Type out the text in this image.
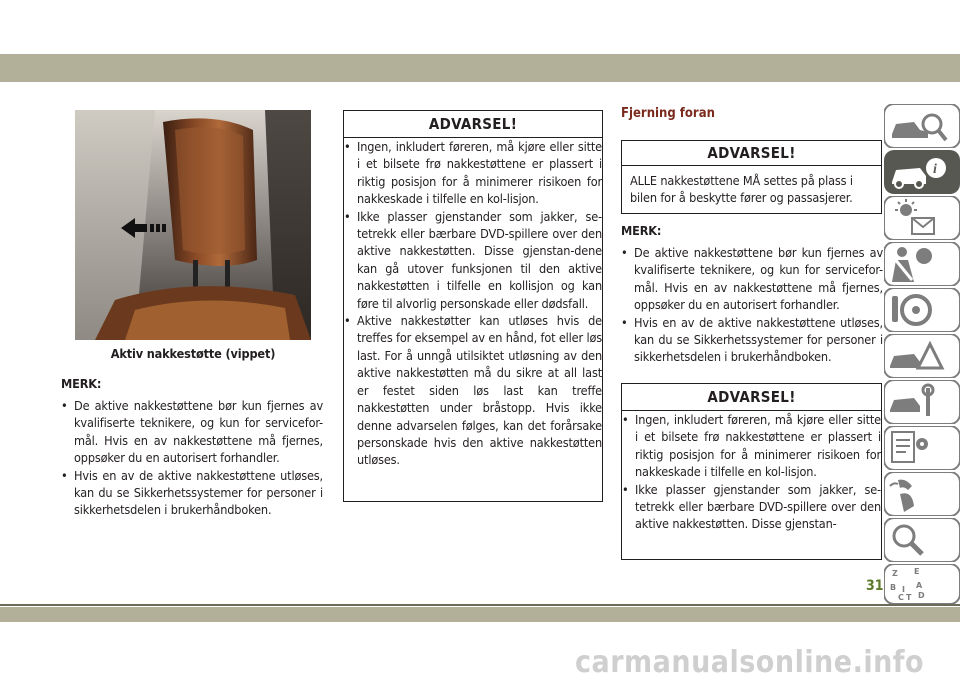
Aktiv nakkestøtte (vippet)
MERK:
• De aktive nakkestøttene bør kun fjernes av kvalifiserte teknikere, og kun for servicefor-mål. Hvis en av nakkestøttene må fjernes, oppsøker du en autorisert forhandler.
• Hvis en av de aktive nakkestøttene utløses, kan du se Sikkerhetssystemer for personer i sikkerhetsdelen i brukerhåndboken.
ADVARSEL!
• Ingen, inkludert føreren, må kjøre eller sitte i et bilsete frø nakkestøttene er plassert i riktig posisjon for å minimerer risikoen for nakkeskade i tilfelle en kol-lisjon.
• Ikke plasser gjenstander som jakker, se-tetrekk eller bærbare DVD-spillere over den aktive nakkestøtten. Disse gjenstan-dene kan gå utover funksjonen til den aktive nakkestøtten i tilfelle en kollisjon og kan føre til alvorlig personskade eller dødsfall.
• Aktive nakkestøtter kan utløses hvis de treffes for eksempel av en hånd, fot eller løs last. For å unngå utilsiktet utløsning av den aktive nakkestøtten må du sikre at all last er festet siden løs last kan treffe nakkestøtten under bråstopp. Hvis ikke denne advarselen følges, kan det forårsake personskade hvis den aktive nakkestøtten utløses.
Fjerning foran
ADVARSEL!
ALLE nakkestøttene MÅ settes på plass i bilen for å beskytte fører og passasjerer.
MERK:
• De aktive nakkestøttene bør kun fjernes av kvalifiserte teknikere, og kun for servicefor-mål. Hvis en av nakkestøttene må fjernes, oppsøker du en autorisert forhandler.
• Hvis en av de aktive nakkestøttene utløses, kan du se Sikkerhetssystemer for personer i sikkerhetsdelen i brukerhåndboken.
ADVARSEL!
• Ingen, inkludert føreren, må kjøre eller sitte i et bilsete frø nakkestøttene er plassert i riktig posisjon for å minimerer risikoen for nakkeskade i tilfelle en kol-lisjon.
• Ikke plasser gjenstander som jakker, se-tetrekk eller bærbare DVD-spillere over den aktive nakkestøtten. Disse gjenstan-
i
Z E
B A
C T D
I
31
carmanualsonline.info
